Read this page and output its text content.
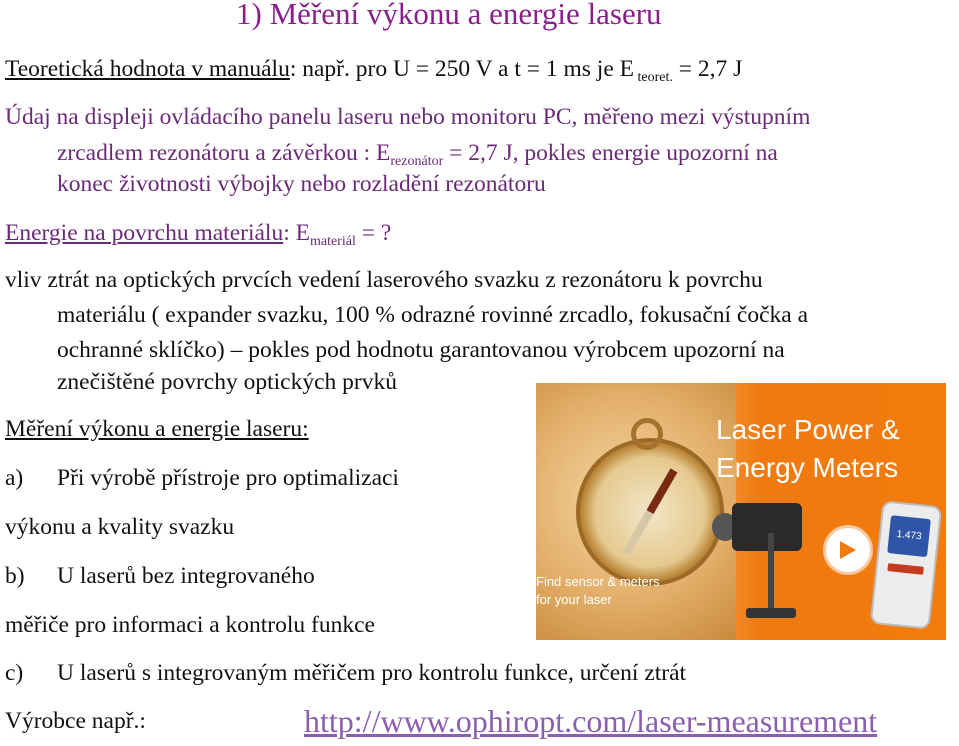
1) Měření výkonu a energie laseru
Teoretická hodnota v manuálu: např. pro U = 250 V a t = 1 ms je E $_{teoret.}$ = 2,7 J
Údaj na displeji ovládacího panelu laseru nebo monitoru PC, měřeno mezi výstupním
zrcadlem rezonátoru a závěrkou : $E_{rezonátor} = 2,7$ J, pokles energie upozorní na
konec životnosti výbojky nebo rozladění rezonátoru
Energie na povrchu materiálu: $E_{materiál}$ = ?
vliv ztrát na optických prvcích vedení laserového svazku z rezonátoru k povrchu
materiálu ( expander svazku, 100 % odrazné rovinné zrcadlo, fokusační čočka a
ochranné sklíčko) – pokles pod hodnotu garantovanou výrobcem upozorní na
znečištěné povrchy optických prvků
Měření výkonu a energie laseru:
a) Při výrobě přístroje pro optimalizaci
výkonu a kvality svazku
b) U laserů bez integrovaného
měřiče pro informaci a kontrolu funkce
c) U laserů s integrovaným měřičem pro kontrolu funkce, určení ztrát
Výrobce např.:	http://www.ophiropt.com/laser-measurement
Laser Power &
Energy Meters
1.473
Find sensor & meters
for your laser
